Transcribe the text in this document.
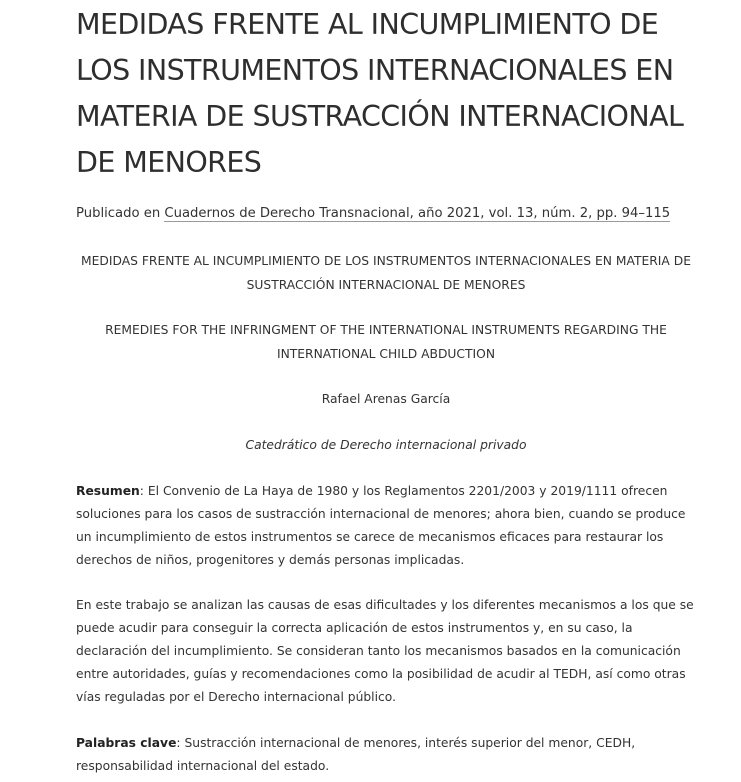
MEDIDAS FRENTE AL INCUMPLIMIENTO DE LOS INSTRUMENTOS INTERNACIONALES EN MATERIA DE SUSTRACCIÓN INTERNACIONAL DE MENORES
Publicado en Cuadernos de Derecho Transnacional, año 2021, vol. 13, núm. 2, pp. 94–115
MEDIDAS FRENTE AL INCUMPLIMIENTO DE LOS INSTRUMENTOS INTERNACIONALES EN MATERIA DE SUSTRACCIÓN INTERNACIONAL DE MENORES
REMEDIES FOR THE INFRINGMENT OF THE INTERNATIONAL INSTRUMENTS REGARDING THE INTERNATIONAL CHILD ABDUCTION
Rafael Arenas García
Catedrático de Derecho internacional privado
Resumen: El Convenio de La Haya de 1980 y los Reglamentos 2201/2003 y 2019/1111 ofrecen soluciones para los casos de sustracción internacional de menores; ahora bien, cuando se produce un incumplimiento de estos instrumentos se carece de mecanismos eficaces para restaurar los derechos de niños, progenitores y demás personas implicadas.
En este trabajo se analizan las causas de esas dificultades y los diferentes mecanismos a los que se puede acudir para conseguir la correcta aplicación de estos instrumentos y, en su caso, la declaración del incumplimiento. Se consideran tanto los mecanismos basados en la comunicación entre autoridades, guías y recomendaciones como la posibilidad de acudir al TEDH, así como otras vías reguladas por el Derecho internacional público.
Palabras clave: Sustracción internacional de menores, interés superior del menor, CEDH, responsabilidad internacional del estado.
